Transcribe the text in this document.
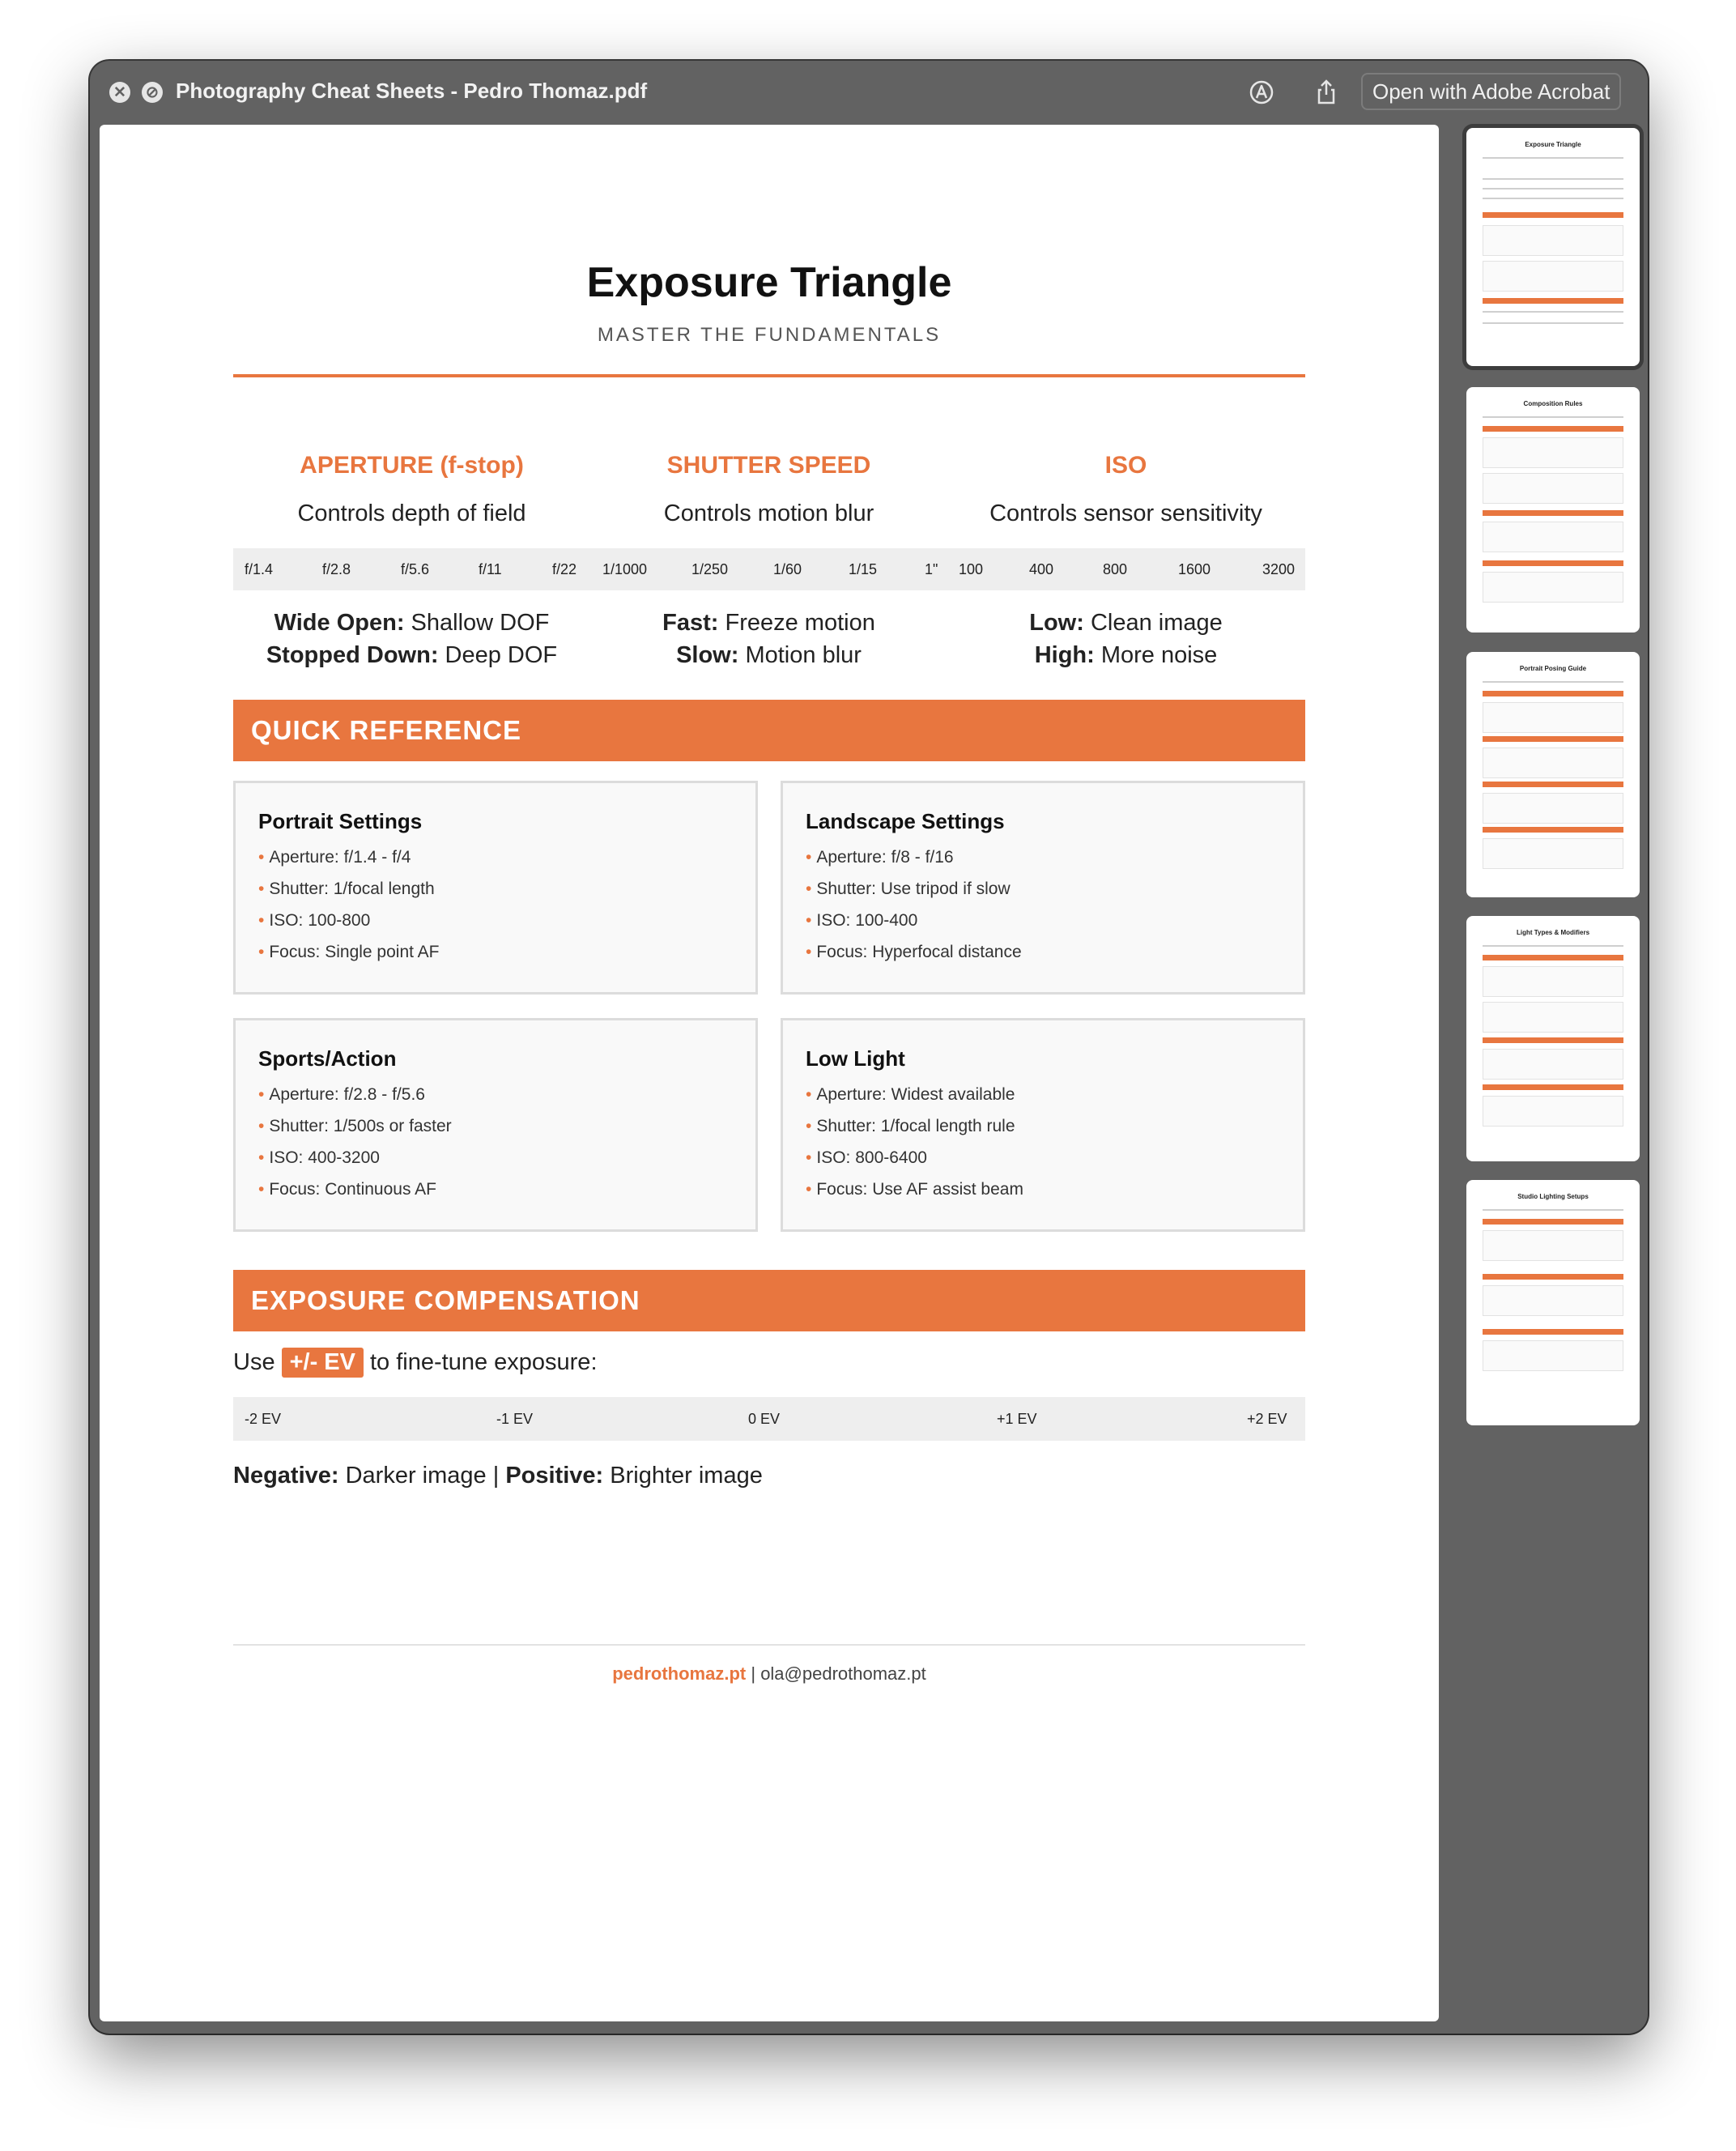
✕ ⊘ Photography Cheat Sheets - Pedro Thomaz.pdf	Open with Adobe Acrobat
Exposure Triangle
MASTER THE FUNDAMENTALS
APERTURE (f-stop)
Controls depth of field
SHUTTER SPEED
Controls motion blur
ISO
Controls sensor sensitivity
f/1.4	f/2.8	f/5.6	f/11	f/22 1/1000	1/250	1/60	1/15	1" 100	400	800	1600	3200
Wide Open: Shallow DOF
Stopped Down: Deep DOF
Fast: Freeze motion
Slow: Motion blur
Low: Clean image
High: More noise
QUICK REFERENCE
Portrait Settings
• Aperture: f/1.4 - f/4
• Shutter: 1/focal length
• ISO: 100-800
• Focus: Single point AF
Landscape Settings
• Aperture: f/8 - f/16
• Shutter: Use tripod if slow
• ISO: 100-400
• Focus: Hyperfocal distance
Sports/Action
• Aperture: f/2.8 - f/5.6
• Shutter: 1/500s or faster
• ISO: 400-3200
• Focus: Continuous AF
Low Light
• Aperture: Widest available
• Shutter: 1/focal length rule
• ISO: 800-6400
• Focus: Use AF assist beam
EXPOSURE COMPENSATION
Use +/- EV to fine-tune exposure:
-2 EV	-1 EV	0 EV	+1 EV	+2 EV
Negative: Darker image | Positive: Brighter image
pedrothomaz.pt | ola@pedrothomaz.pt
Exposure Triangle
Composition Rules
Portrait Posing Guide
Light Types & Modifiers
Studio Lighting Setups
